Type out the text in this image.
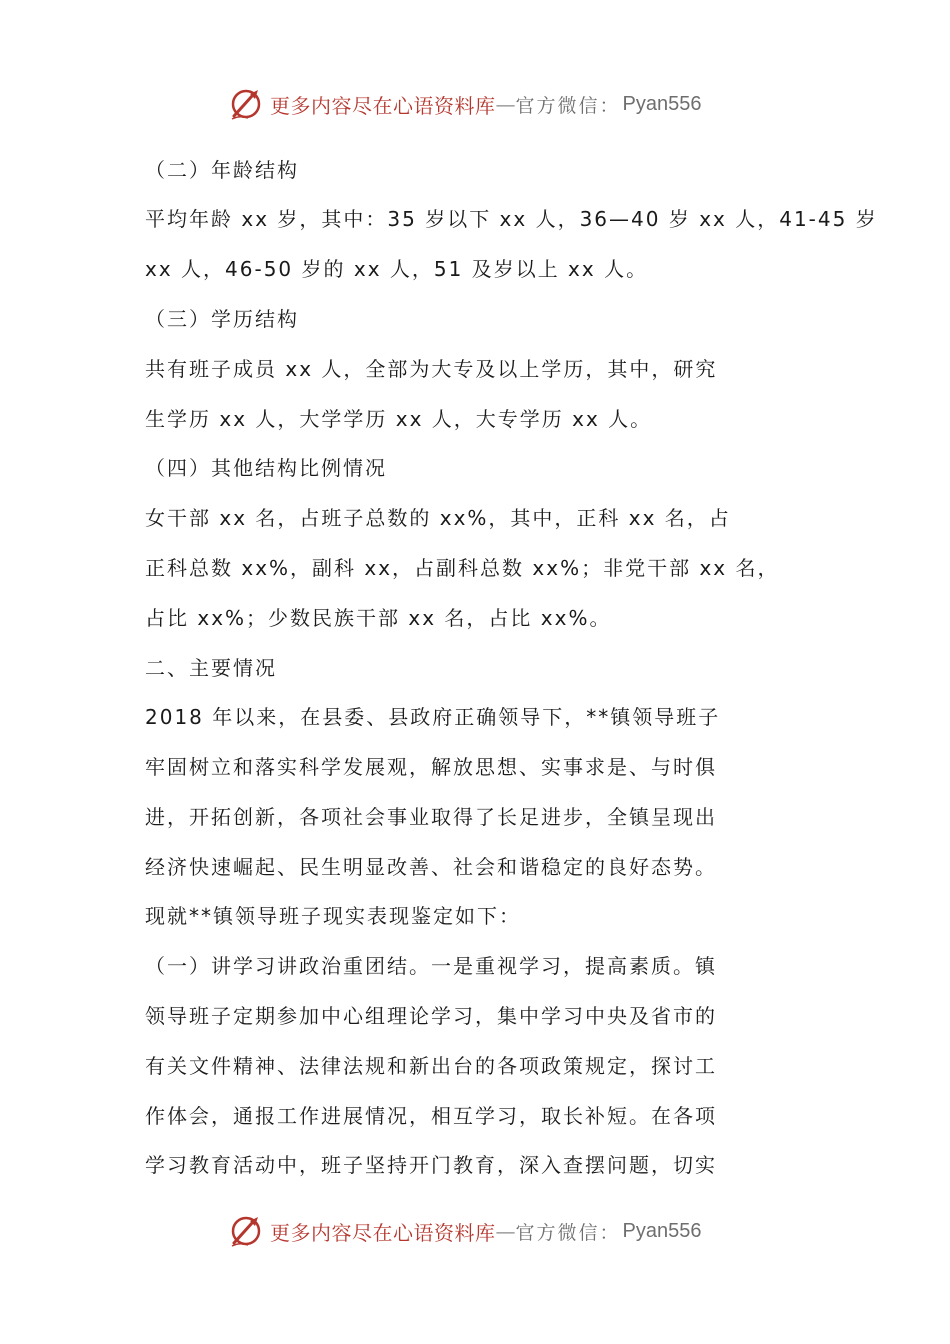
更多内容尽在心语资料库 — 官方微信： Pyan556
（二）年龄结构
平均年龄 xx 岁，其中：35 岁以下 xx 人，36—40 岁 xx 人，41-45 岁
xx 人，46-50 岁的 xx 人，51 及岁以上 xx 人。
（三）学历结构
共有班子成员 xx 人，全部为大专及以上学历，其中，研究
生学历 xx 人，大学学历 xx 人，大专学历 xx 人。
（四）其他结构比例情况
女干部 xx 名，占班子总数的 xx%，其中，正科 xx 名，占
正科总数 xx%，副科 xx，占副科总数 xx%；非党干部 xx 名，
占比 xx%；少数民族干部 xx 名，占比 xx%。
二、主要情况
2018 年以来，在县委、县政府正确领导下，**镇领导班子
牢固树立和落实科学发展观，解放思想、实事求是、与时俱
进，开拓创新，各项社会事业取得了长足进步，全镇呈现出
经济快速崛起、民生明显改善、社会和谐稳定的良好态势。
现就**镇领导班子现实表现鉴定如下：
（一）讲学习讲政治重团结。一是重视学习，提高素质。镇
领导班子定期参加中心组理论学习，集中学习中央及省市的
有关文件精神、法律法规和新出台的各项政策规定，探讨工
作体会，通报工作进展情况，相互学习，取长补短。在各项
学习教育活动中，班子坚持开门教育，深入查摆问题，切实
更多内容尽在心语资料库 — 官方微信： Pyan556
